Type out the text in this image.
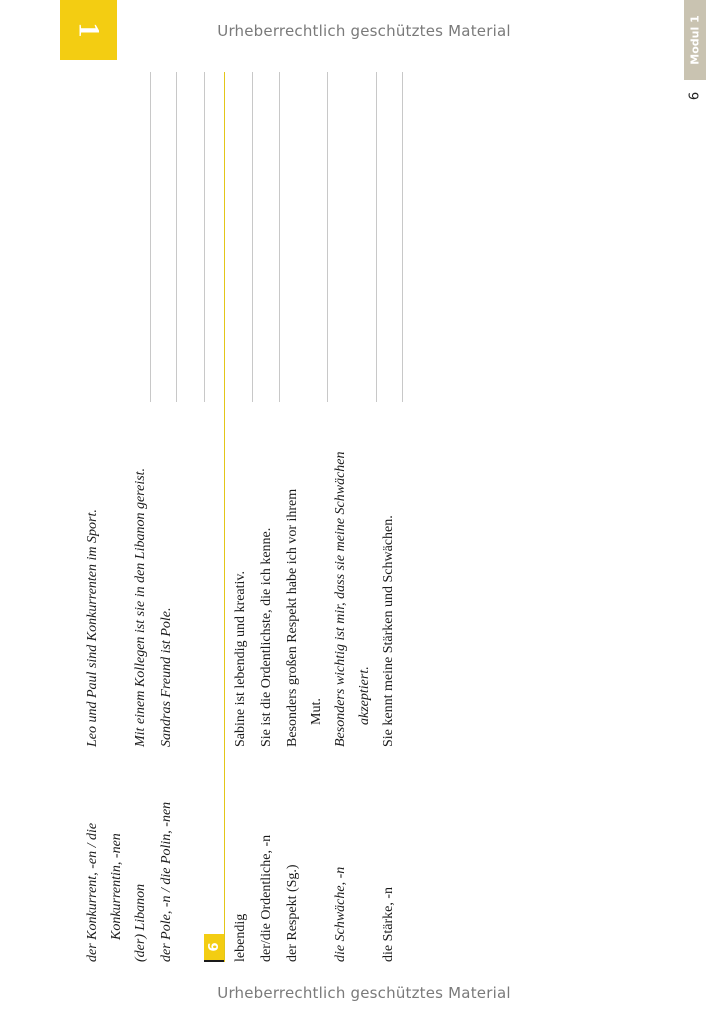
Urheberrechtlich geschütztes Material
Urheberrechtlich geschütztes Material
1	Modul 1
6
der Konkurrent, -en / die
Leo und Paul sind Konkurrenten im Sport.
Konkurrentin, -nen (der) Libanon
Mit einem Kollegen ist sie in den Libanon gereist.
der Pole, -n / die Polin, -nen
Sandras Freund ist Pole.
6 lebendig
Sabine ist lebendig und kreativ.
der/die Ordentliche, -n
Sie ist die Ordentlichste, die ich kenne.
der Respekt (Sg.)
Besonders großen Respekt habe ich vor ihrem Mut.
die Schwäche, -n
Besonders wichtig ist mir, dass sie meine Schwächen akzeptiert.
die Stärke, -n
Sie kennt meine Stärken und Schwächen.
